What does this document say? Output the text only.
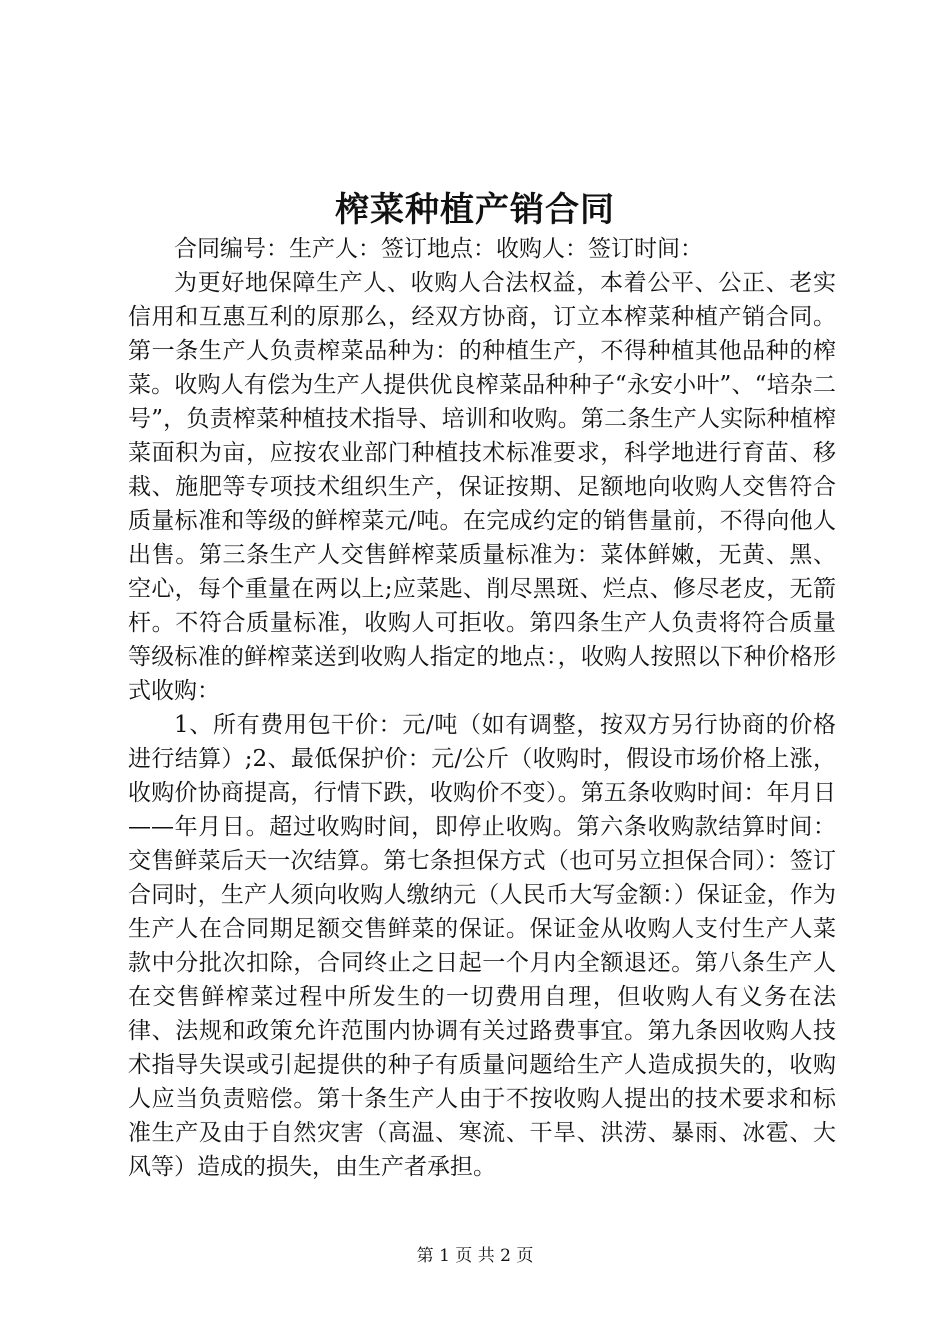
榨菜种植产销合同

合同编号：生产人：签订地点：收购人：签订时间：

为更好地保障生产人、收购人合法权益，本着公平、公正、老实信用和互惠互利的原那么，经双方协商，订立本榨菜种植产销合同。第一条生产人负责榨菜品种为：的种植生产，不得种植其他品种的榨菜。收购人有偿为生产人提供优良榨菜品种种子“永安小叶”、“培杂二号”，负责榨菜种植技术指导、培训和收购。第二条生产人实际种植榨菜面积为亩，应按农业部门种植技术标准要求，科学地进行育苗、移栽、施肥等专项技术组织生产，保证按期、足额地向收购人交售符合质量标准和等级的鲜榨菜元/吨。在完成约定的销售量前，不得向他人出售。第三条生产人交售鲜榨菜质量标准为：菜体鲜嫩，无黄、黑、空心，每个重量在两以上;应菜匙、削尽黑斑、烂点、修尽老皮，无箭杆。不符合质量标准，收购人可拒收。第四条生产人负责将符合质量等级标准的鲜榨菜送到收购人指定的地点：，收购人按照以下种价格形式收购：

1、所有费用包干价：元/吨（如有调整，按双方另行协商的价格进行结算）;2、最低保护价：元/公斤（收购时，假设市场价格上涨，收购价协商提高，行情下跌，收购价不变）。第五条收购时间：年月日——年月日。超过收购时间，即停止收购。第六条收购款结算时间：交售鲜菜后天一次结算。第七条担保方式（也可另立担保合同）：签订合同时，生产人须向收购人缴纳元（人民币大写金额：）保证金，作为生产人在合同期足额交售鲜菜的保证。保证金从收购人支付生产人菜款中分批次扣除，合同终止之日起一个月内全额退还。第八条生产人在交售鲜榨菜过程中所发生的一切费用自理，但收购人有义务在法律、法规和政策允许范围内协调有关过路费事宜。第九条因收购人技术指导失误或引起提供的种子有质量问题给生产人造成损失的，收购人应当负责赔偿。第十条生产人由于不按收购人提出的技术要求和标准生产及由于自然灾害（高温、寒流、干旱、洪涝、暴雨、冰雹、大风等）造成的损失，由生产者承担。

第 1 页 共 2 页
